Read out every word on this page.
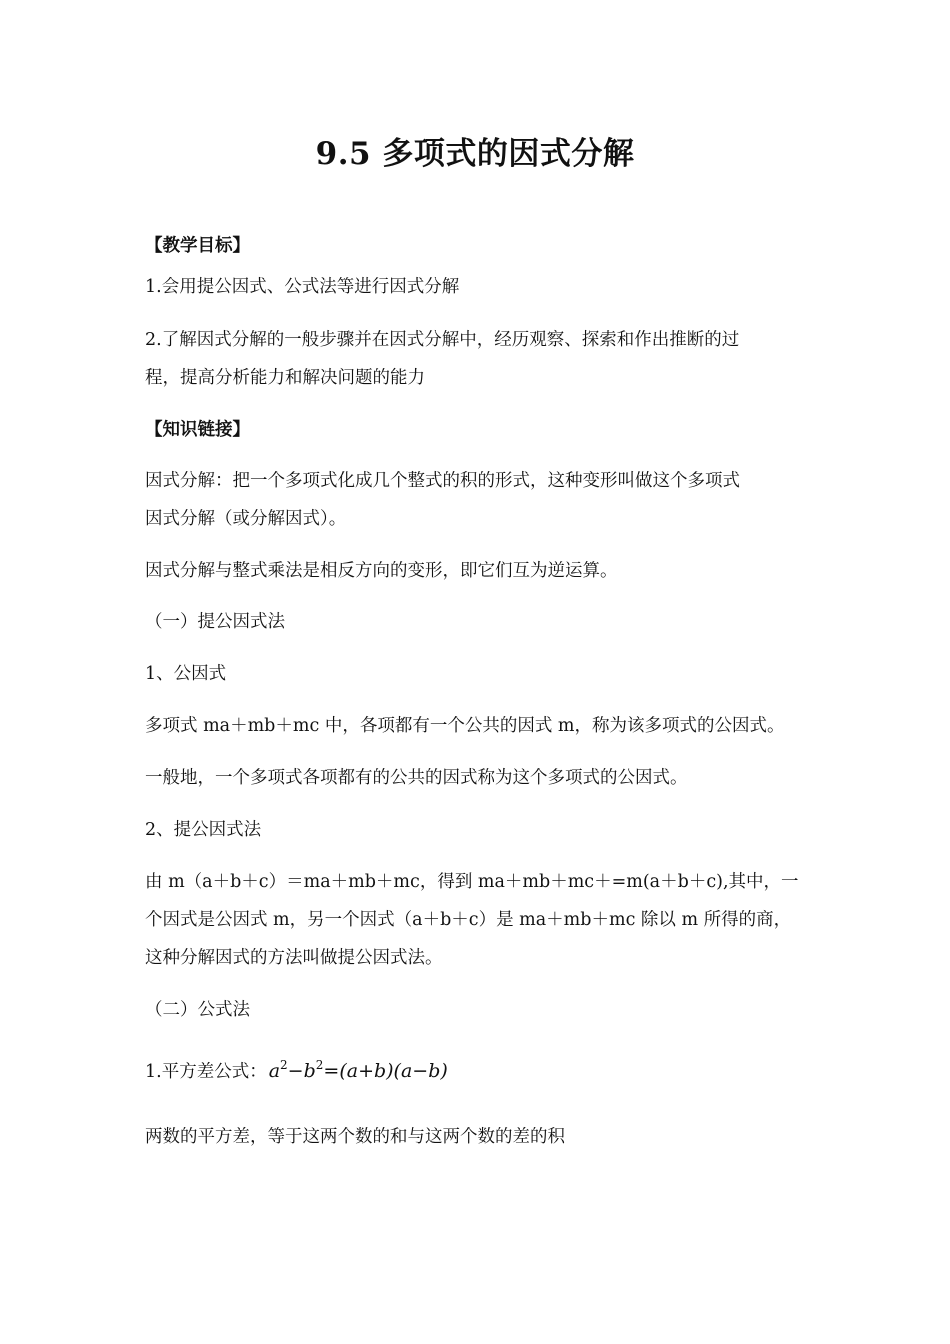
9.5 多项式的因式分解
【教学目标】
1.会用提公因式、公式法等进行因式分解
2.了解因式分解的一般步骤并在因式分解中，经历观察、探索和作出推断的过
程，提高分析能力和解决问题的能力
【知识链接】
因式分解：把一个多项式化成几个整式的积的形式，这种变形叫做这个多项式
因式分解（或分解因式）。
因式分解与整式乘法是相反方向的变形，即它们互为逆运算。
（一）提公因式法
1、公因式
多项式 ma＋mb＋mc 中，各项都有一个公共的因式 m，称为该多项式的公因式。
一般地，一个多项式各项都有的公共的因式称为这个多项式的公因式。
2、提公因式法
由 m（a＋b＋c）＝ma＋mb＋mc，得到 ma＋mb＋mc＋=m(a＋b＋c),其中，一
个因式是公因式 m，另一个因式（a＋b＋c）是 ma＋mb＋mc 除以 m 所得的商，
这种分解因式的方法叫做提公因式法。
（二）公式法
1.平方差公式： $a^2-b^2=(a+b)(a-b)$
两数的平方差，等于这两个数的和与这两个数的差的积
